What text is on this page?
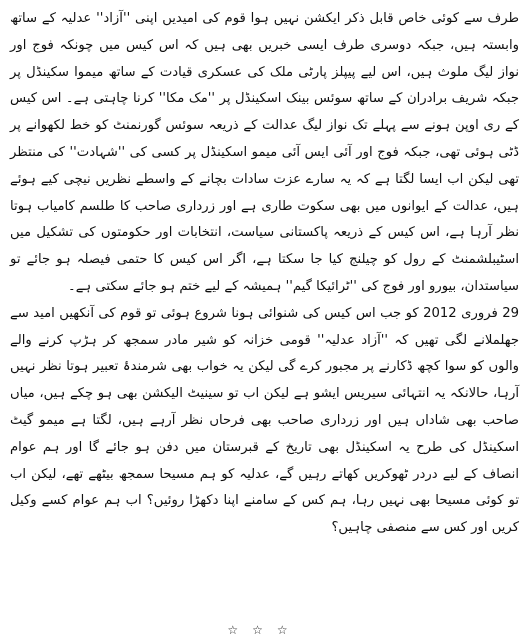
طرف سے کوئی خاص قابل ذکر ایکشن نہیں ہوا قوم کی امیدیں اپنی ''آزاد'' عدلیہ کے ساتھ وابستہ ہیں، جبکہ دوسری طرف ایسی خبریں بھی ہیں کہ اس کیس میں چونکہ فوج اور نواز لیگ ملوث ہیں، اس لیے پیپلز پارٹی ملک کی عسکری قیادت کے ساتھ میموا سکینڈل پر جبکہ شریف برادران کے ساتھ سوئس بینک اسکینڈل پر ''مک مکا'' کرنا چاہتی ہے۔ اس کیس کے ری اوپن ہونے سے پہلے تک نواز لیگ عدالت کے ذریعہ سوئس گورنمنٹ کو خط لکھوانے پر ڈٹی ہوئی تھی، جبکہ فوج اور آئی ایس آئی میمو اسکینڈل پر کسی کی ''شہادت'' کی منتظر تھی لیکن اب ایسا لگتا ہے کہ یہ سارے عزت سادات بچانے کے واسطے نظریں نیچی کیے ہوئے ہیں، عدالت کے ایوانوں میں بھی سکوت طاری ہے اور زرداری صاحب کا طلسم کامیاب ہوتا نظر آرہا ہے، اس کیس کے ذریعہ پاکستانی سیاست، انتخابات اور حکومتوں کی تشکیل میں اسٹیبلشمنٹ کے رول کو چیلنج کیا جا سکتا ہے، اگر اس کیس کا حتمی فیصلہ ہو جائے تو سیاستدان، بیورو اور فوج کی ''ٹرائیکا گیم'' ہمیشہ کے لیے ختم ہو جائے سکتی ہے۔

29 فروری 2012 کو جب اس کیس کی شنوائی ہونا شروع ہوئی تو قوم کی آنکھیں امید سے جھلملانے لگی تھیں کہ ''آزاد عدلیہ'' قومی خزانہ کو شیر مادر سمجھ کر ہڑپ کرنے والے والوں کو سوا کچھ ڈکارنے پر مجبور کرے گی لیکن یہ خواب بھی شرمندۂ تعبیر ہوتا نظر نہیں آرہا، حالانکہ یہ انتہائی سیریس ایشو ہے لیکن اب تو سینیٹ الیکشن بھی ہو چکے ہیں، میاں صاحب بھی شاداں ہیں اور زرداری صاحب بھی فرحاں نظر آرہے ہیں، لگتا ہے میمو گیٹ اسکینڈل کی طرح یہ اسکینڈل بھی تاریخ کے قبرستان میں دفن ہو جائے گا اور ہم عوام انصاف کے لیے دردر ٹھوکریں کھاتے رہیں گے، عدلیہ کو ہم مسیحا سمجھ بیٹھے تھے، لیکن اب تو کوئی مسیحا بھی نہیں رہا، ہم کس کے سامنے اپنا دکھڑا روئیں؟ اب ہم عوام کسے وکیل کریں اور کس سے منصفی چاہیں؟

☆☆☆
